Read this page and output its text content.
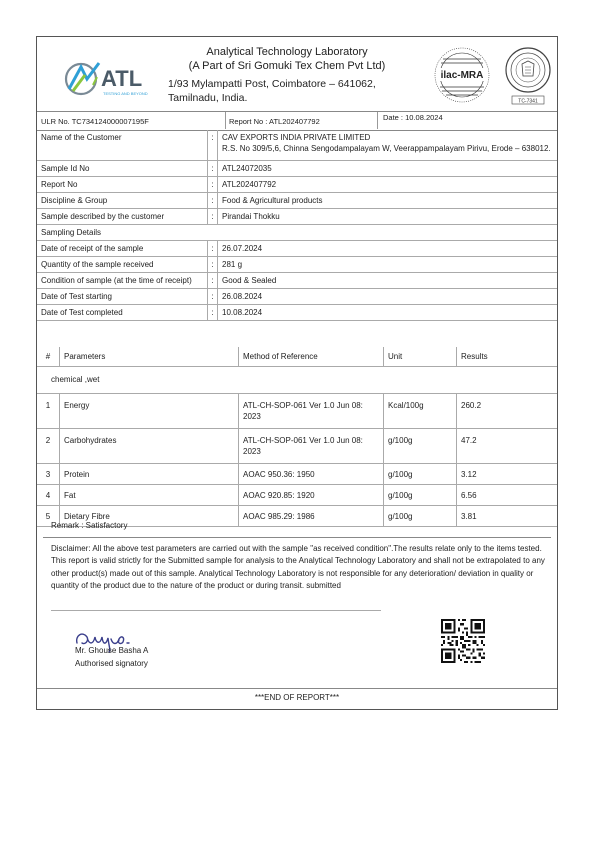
ATL
TESTING AND BEYOND
Analytical Technology Laboratory
(A Part of Sri Gomuki Tex Chem Pvt Ltd)
1/93 Mylampatti Post, Coimbatore – 641062,
Tamilnadu, India.
ilac-MRA
TC-7341
ULR No. TC734124000007195F	Report No : ATL202407792	Date : 10.08.2024
Name of the Customer	:	CAV EXPORTS INDIA PRIVATE LIMITED
R.S. No 309/5,6, Chinna Sengodampalayam W, Veerappampalayam Pirivu, Erode – 638012.

Sample Id No	:	ATL24072035
Report No	:	ATL202407792
Discipline & Group	:	Food & Agricultural products
Sample described by the customer	:	Pirandai Thokku
Sampling Details		
Date of receipt of the sample	:	26.07.2024
Quantity of the sample received	:	281 g
Condition of sample (at the time of receipt)	:	Good & Sealed
Date of Test starting	:	26.08.2024
Date of Test completed	:	10.08.2024
#	Parameters	Method of Reference	Unit	Results
chemical ,wet				
1	Energy	ATL-CH-SOP-061 Ver 1.0 Jun 08: 2023	Kcal/100g	260.2
2	Carbohydrates	ATL-CH-SOP-061 Ver 1.0 Jun 08: 2023	g/100g	47.2
3	Protein	AOAC 950.36: 1950	g/100g	3.12
4	Fat	AOAC 920.85: 1920	g/100g	6.56
5	Dietary Fibre	AOAC 985.29: 1986	g/100g	3.81
Remark : Satisfactory
Disclaimer: All the above test parameters are carried out with the sample "as received condition".The results relate only to the items tested. This report is valid strictly for the Submitted sample for analysis to the Analytical Technology Laboratory and shall not be extrapolated to any other product(s) made out of this sample. Analytical Technology Laboratory is not responsible for any deterioration/ deviation in quality or quantity of the product due to the nature of the product or during transit. submitted
Mr. Ghouse Basha A
Authorised signatory
***END OF REPORT***
